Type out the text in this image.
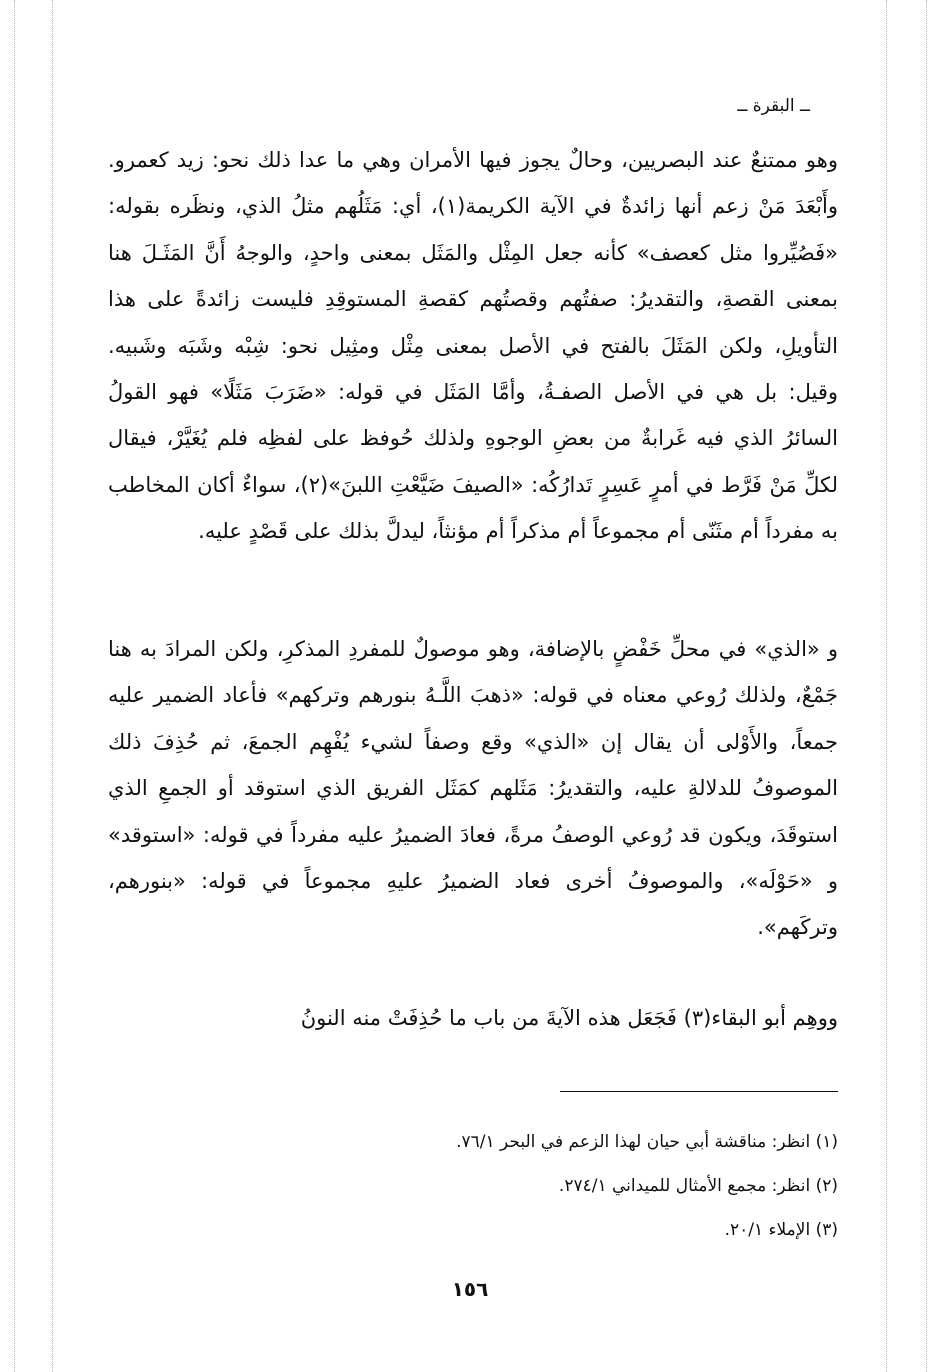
ــ البقرة ــ
وهو ممتنعٌ عند البصريين، وحالٌ يجوز فيها الأمران وهي ما عدا ذلك نحو: زيد كعمرو. وأَبْعَدَ مَنْ زعم أنها زائدةٌ في الآية الكريمة(١)، أي: مَثَلُهم مثلُ الذي، ونظَره بقوله: «فَصُيِّروا مثل كعصف» كأنه جعل المِثْل والمَثَل بمعنى واحدٍ، والوجهُ أَنَّ المَثَـلَ هنا بمعنى القصةِ، والتقديرُ: صفتُهم وقصتُهم كقصةِ المستوقِدِ فليست زائدةً على هذا التأويلِ، ولكن المَثَلَ بالفتح في الأصل بمعنى مِثْل ومثِيل نحو: شِبْه وشَبَه وشَبيه. وقيل: بل هي في الأصل الصفـةُ، وأمَّا المَثَل في قوله: «ضَرَبَ مَثَلًا» فهو القولُ السائرُ الذي فيه غَرابةٌ من بعضِ الوجوهِ ولذلك حُوفظ على لفظِه فلم يُغَيَّرْ، فيقال لكلِّ مَنْ فَرَّط في أمرٍ عَسِرٍ تَدارُكُه: «الصيفَ ضَيَّعْتِ اللبنَ»(٢)، سواءٌ أكان المخاطب به مفرداً أم مثَنّى أم مجموعاً أم مذكراً أم مؤنثاً، ليدلَّ بذلك على قَصْدٍ عليه.
و «الذي» في محلِّ خَفْضٍ بالإضافة، وهو موصولٌ للمفردِ المذكرِ، ولكن المرادَ به هنا جَمْعٌ، ولذلك رُوعي معناه في قوله: «ذهبَ اللَّـهُ بنورهم وتركهم» فأعاد الضمير عليه جمعاً، والأَوْلى أن يقال إن «الذي» وقع وصفاً لشيء يُفْهِم الجمعَ، ثم حُذِفَ ذلك الموصوفُ للدلالةِ عليه، والتقديرُ: مَثَلهم كمَثَل الفريق الذي استوقد أو الجمعِ الذي استوقَدَ، ويكون قد رُوعي الوصفُ مرةً، فعادَ الضميرُ عليه مفرداً في قوله: «استوقد» و «حَوْلَه»، والموصوفُ أخرى فعاد الضميرُ عليهِ مجموعاً في قوله: «بنورهم، وتركَهم».
ووهِم أبو البقاء(٣) فَجَعَل هذه الآيةَ من باب ما حُذِفَتْ منه النونُ
(١) انظر: مناقشة أبي حيان لهذا الزعم في البحر ٧٦/١.
(٢) انظر: مجمع الأمثال للميداني ٢٧٤/١.
(٣) الإملاء ٢٠/١.
١٥٦
